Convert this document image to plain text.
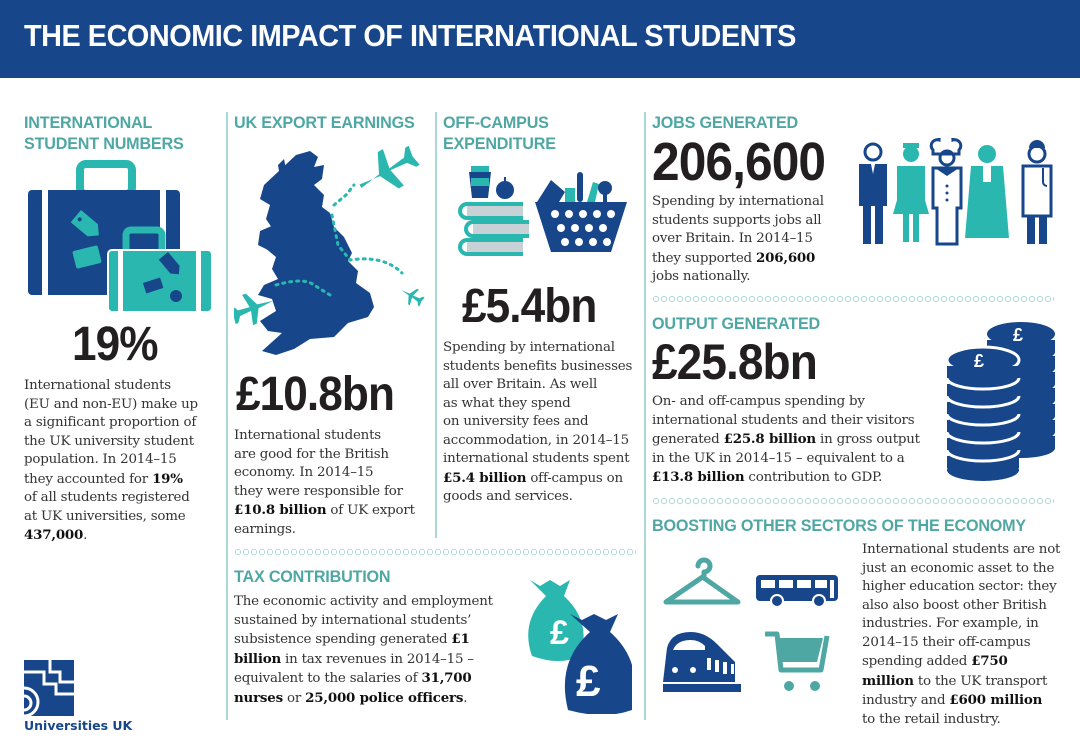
THE ECONOMIC IMPACT OF INTERNATIONAL STUDENTS
INTERNATIONAL
STUDENT NUMBERS
19%
International students
(EU and non-EU) make up
a significant proportion of
the UK university student
population. In 2014–15
they accounted for 19%
of all students registered
at UK universities, some
437,000.
Universities UK
UK EXPORT EARNINGS
£10.8bn
International students
are good for the British
economy. In 2014–15
they were responsible for
£10.8 billion of UK export
earnings.
OFF-CAMPUS
EXPENDITURE
£5.4bn
Spending by international
students benefits businesses
all over Britain. As well
as what they spend
on university fees and
accommodation, in 2014–15
international students spent
£5.4 billion off-campus on
goods and services.
TAX CONTRIBUTION
The economic activity and employment
sustained by international students’
subsistence spending generated £1
billion in tax revenues in 2014–15 –
equivalent to the salaries of 31,700
nurses or 25,000 police officers.
£
£
JOBS GENERATED
206,600
Spending by international
students supports jobs all
over Britain. In 2014–15
they supported 206,600
jobs nationally.
OUTPUT GENERATED
£25.8bn
On- and off-campus spending by
international students and their visitors
generated £25.8 billion in gross output
in the UK in 2014–15 – equivalent to a
£13.8 billion contribution to GDP.
£
£
BOOSTING OTHER SECTORS OF THE ECONOMY
International students are not
just an economic asset to the
higher education sector: they
also also boost other British
industries. For example, in
2014–15 their off-campus
spending added £750
million to the UK transport
industry and £600 million
to the retail industry.
